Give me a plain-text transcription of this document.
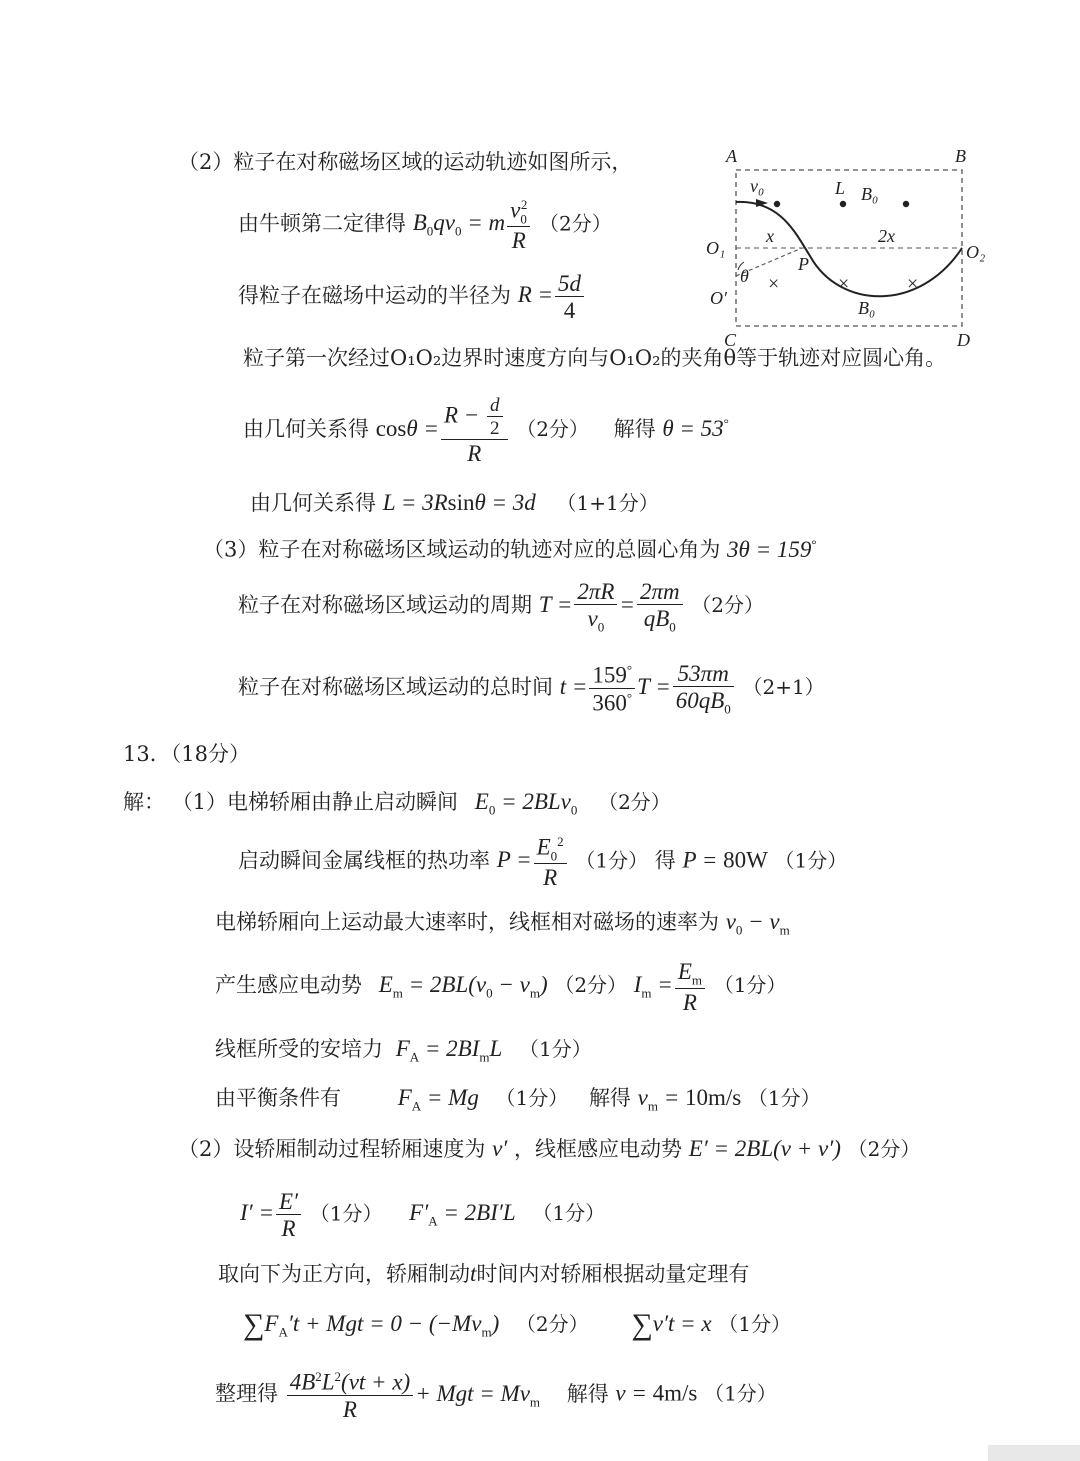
（2）粒子在对称磁场区域的运动轨迹如图所示，
由牛顿第二定律得 $B_0qv_0 = m \frac{v_0^2}{R} (2$分）
得粒子在磁场中运动的半径为 $R = \frac{5d}{4}$
粒子第一次经过O₁O₂边界时速度方向与O₁O₂的夹角θ等于轨迹对应圆心角。
由几何关系得 $\cos\theta = \frac{R - \frac{d}{2}}{R} (2$分） 解得 θ = 53°
由几何关系得 L = 3Rsinθ = 3d （1+1分）
（3）粒子在对称磁场区域运动的轨迹对应的总圆心角为 3θ = 159°
粒子在对称磁场区域运动的周期 $T = \frac{2\pi R}{v_0} = \frac{2\pi m}{qB_0} (2$分）
粒子在对称磁场区域运动的总时间 $t = \frac{159^\circ}{360^\circ}$ $T = \frac{53\pi m}{60qB_0} (2+1)$
13．（18分）
解： （1）电梯轿厢由静止启动瞬间 $E_0 = 2BLv_0$ （2分）
启动瞬间金属线框的热功率 $P = \frac{E_0^2}{R} (1$分） 得 P = 80W （1分）
电梯轿厢向上运动最大速率时，线框相对磁场的速率为 $v_0 - v_m$
产生感应电动势 $E_m = 2BL(v_0 - v_m)$ （2分） $I_m = \frac{E_m}{R} (1$分）
线框所受的安培力 $F_A = 2BI_mL$ （1分）
由平衡条件有 $F_A = Mg$ （1分） 解得 $v_m = 10m/s$ （1分）
（2）设轿厢制动过程轿厢速度为 v′ ，线框感应电动势 E′ = 2BL(v + v′) （2分）
$I' = \frac{E'}{R} (1$分） $F'_A = 2BI'L$ （1分）
取向下为正方向，轿厢制动t时间内对轿厢根据动量定理有
$\sum F_A't$ + Mgt = $0 - (-Mv_m)$ （2分） ∑v′t = x （1分）
整理得 $\frac{4B^2L^2(vt + x)}{R}$ + Mgt = $Mv_m$ 解得 v = 4m/s （1分）
×	×	×
A	B
C	D
O₁	O₂
O′
P
L B₀
B₀
v₀
x	2x
θ
